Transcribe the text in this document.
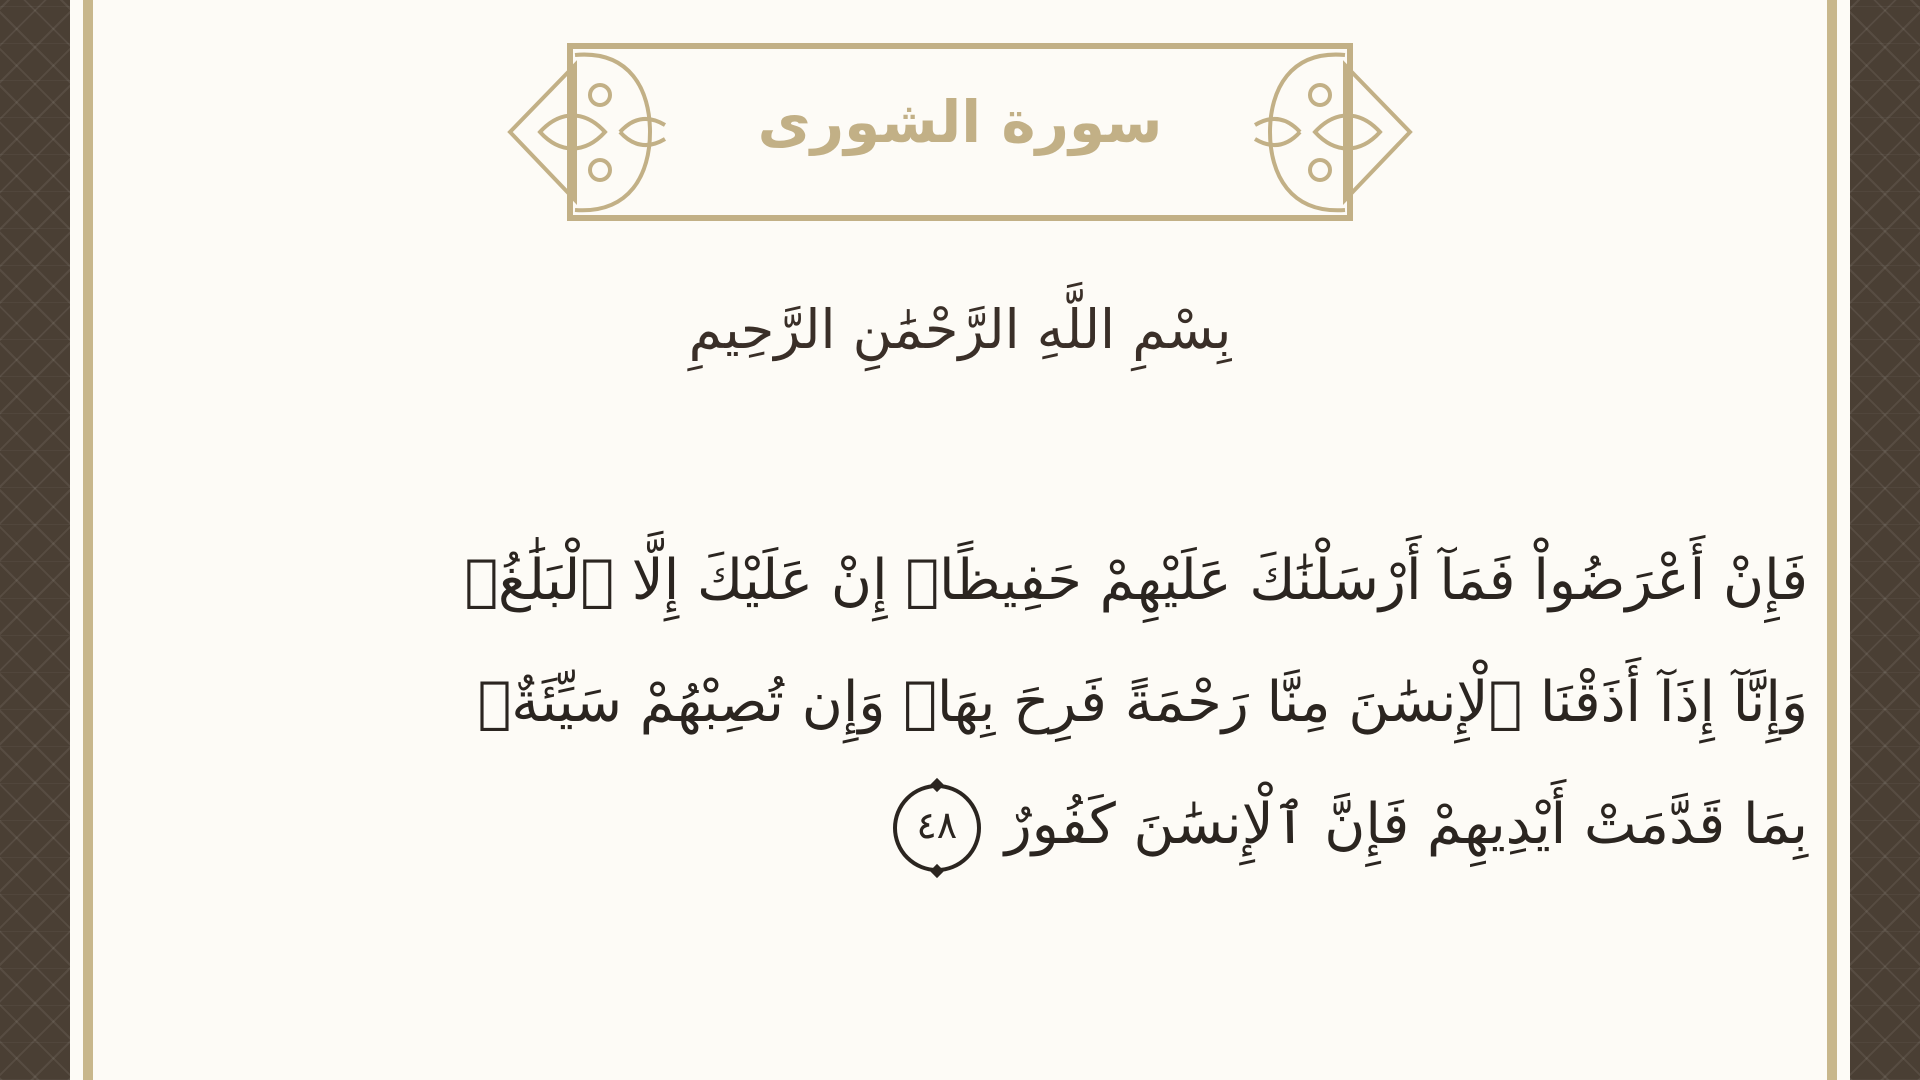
سورة الشورى
بِسْمِ اللَّهِ الرَّحْمَٰنِ الرَّحِيمِ
فَإِنْ أَعْرَضُواْ فَمَآ أَرْسَلْنَٰكَ عَلَيْهِمْ حَفِيظًاۖ إِنْ عَلَيْكَ إِلَّا ٱلْبَلَٰغُۗ
وَإِنَّآ إِذَآ أَذَقْنَا ٱلْإِنسَٰنَ مِنَّا رَحْمَةً فَرِحَ بِهَاۖ وَإِن تُصِبْهُمْ سَيِّئَةٌۢ
بِمَا قَدَّمَتْ أَيْدِيهِمْ فَإِنَّ ٱلْإِنسَٰنَ كَفُورٌ٤٨
